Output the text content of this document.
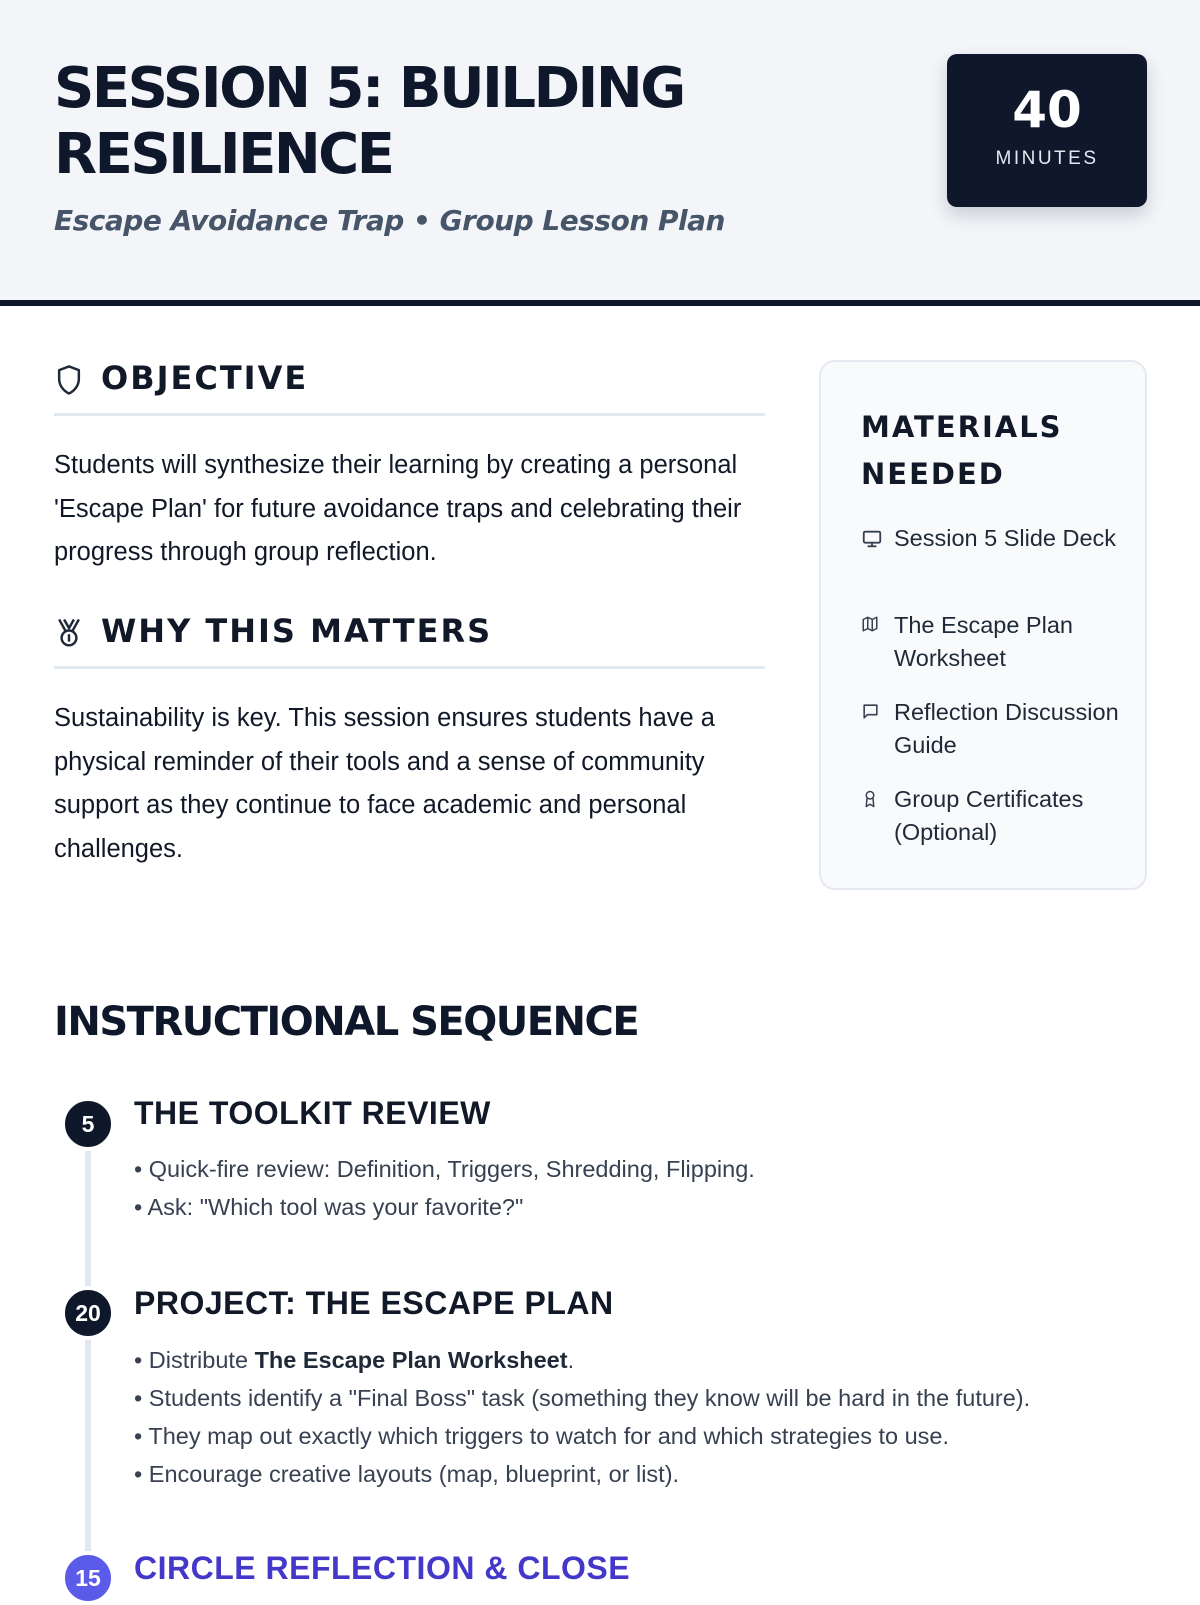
SESSION 5: BUILDING RESILIENCE
Escape Avoidance Trap • Group Lesson Plan
40
MINUTES
OBJECTIVE

Students will synthesize their learning by creating a personal 'Escape Plan' for future avoidance traps and celebrating their progress through group reflection.

WHY THIS MATTERS

Sustainability is key. This session ensures students have a physical reminder of their tools and a sense of community support as they continue to face academic and personal challenges.

MATERIALS NEEDED
Session 5 Slide Deck
The Escape Plan Worksheet
Reflection Discussion Guide
Group Certificates (Optional)
INSTRUCTIONAL SEQUENCE
5	THE TOOLKIT REVIEW
• Quick-fire review: Definition, Triggers, Shredding, Flipping.
• Ask: "Which tool was your favorite?"
20	PROJECT: THE ESCAPE PLAN
• Distribute The Escape Plan Worksheet.
• Students identify a "Final Boss" task (something they know will be hard in the future).
• They map out exactly which triggers to watch for and which strategies to use.
• Encourage creative layouts (map, blueprint, or list).
15	CIRCLE REFLECTION & CLOSE
